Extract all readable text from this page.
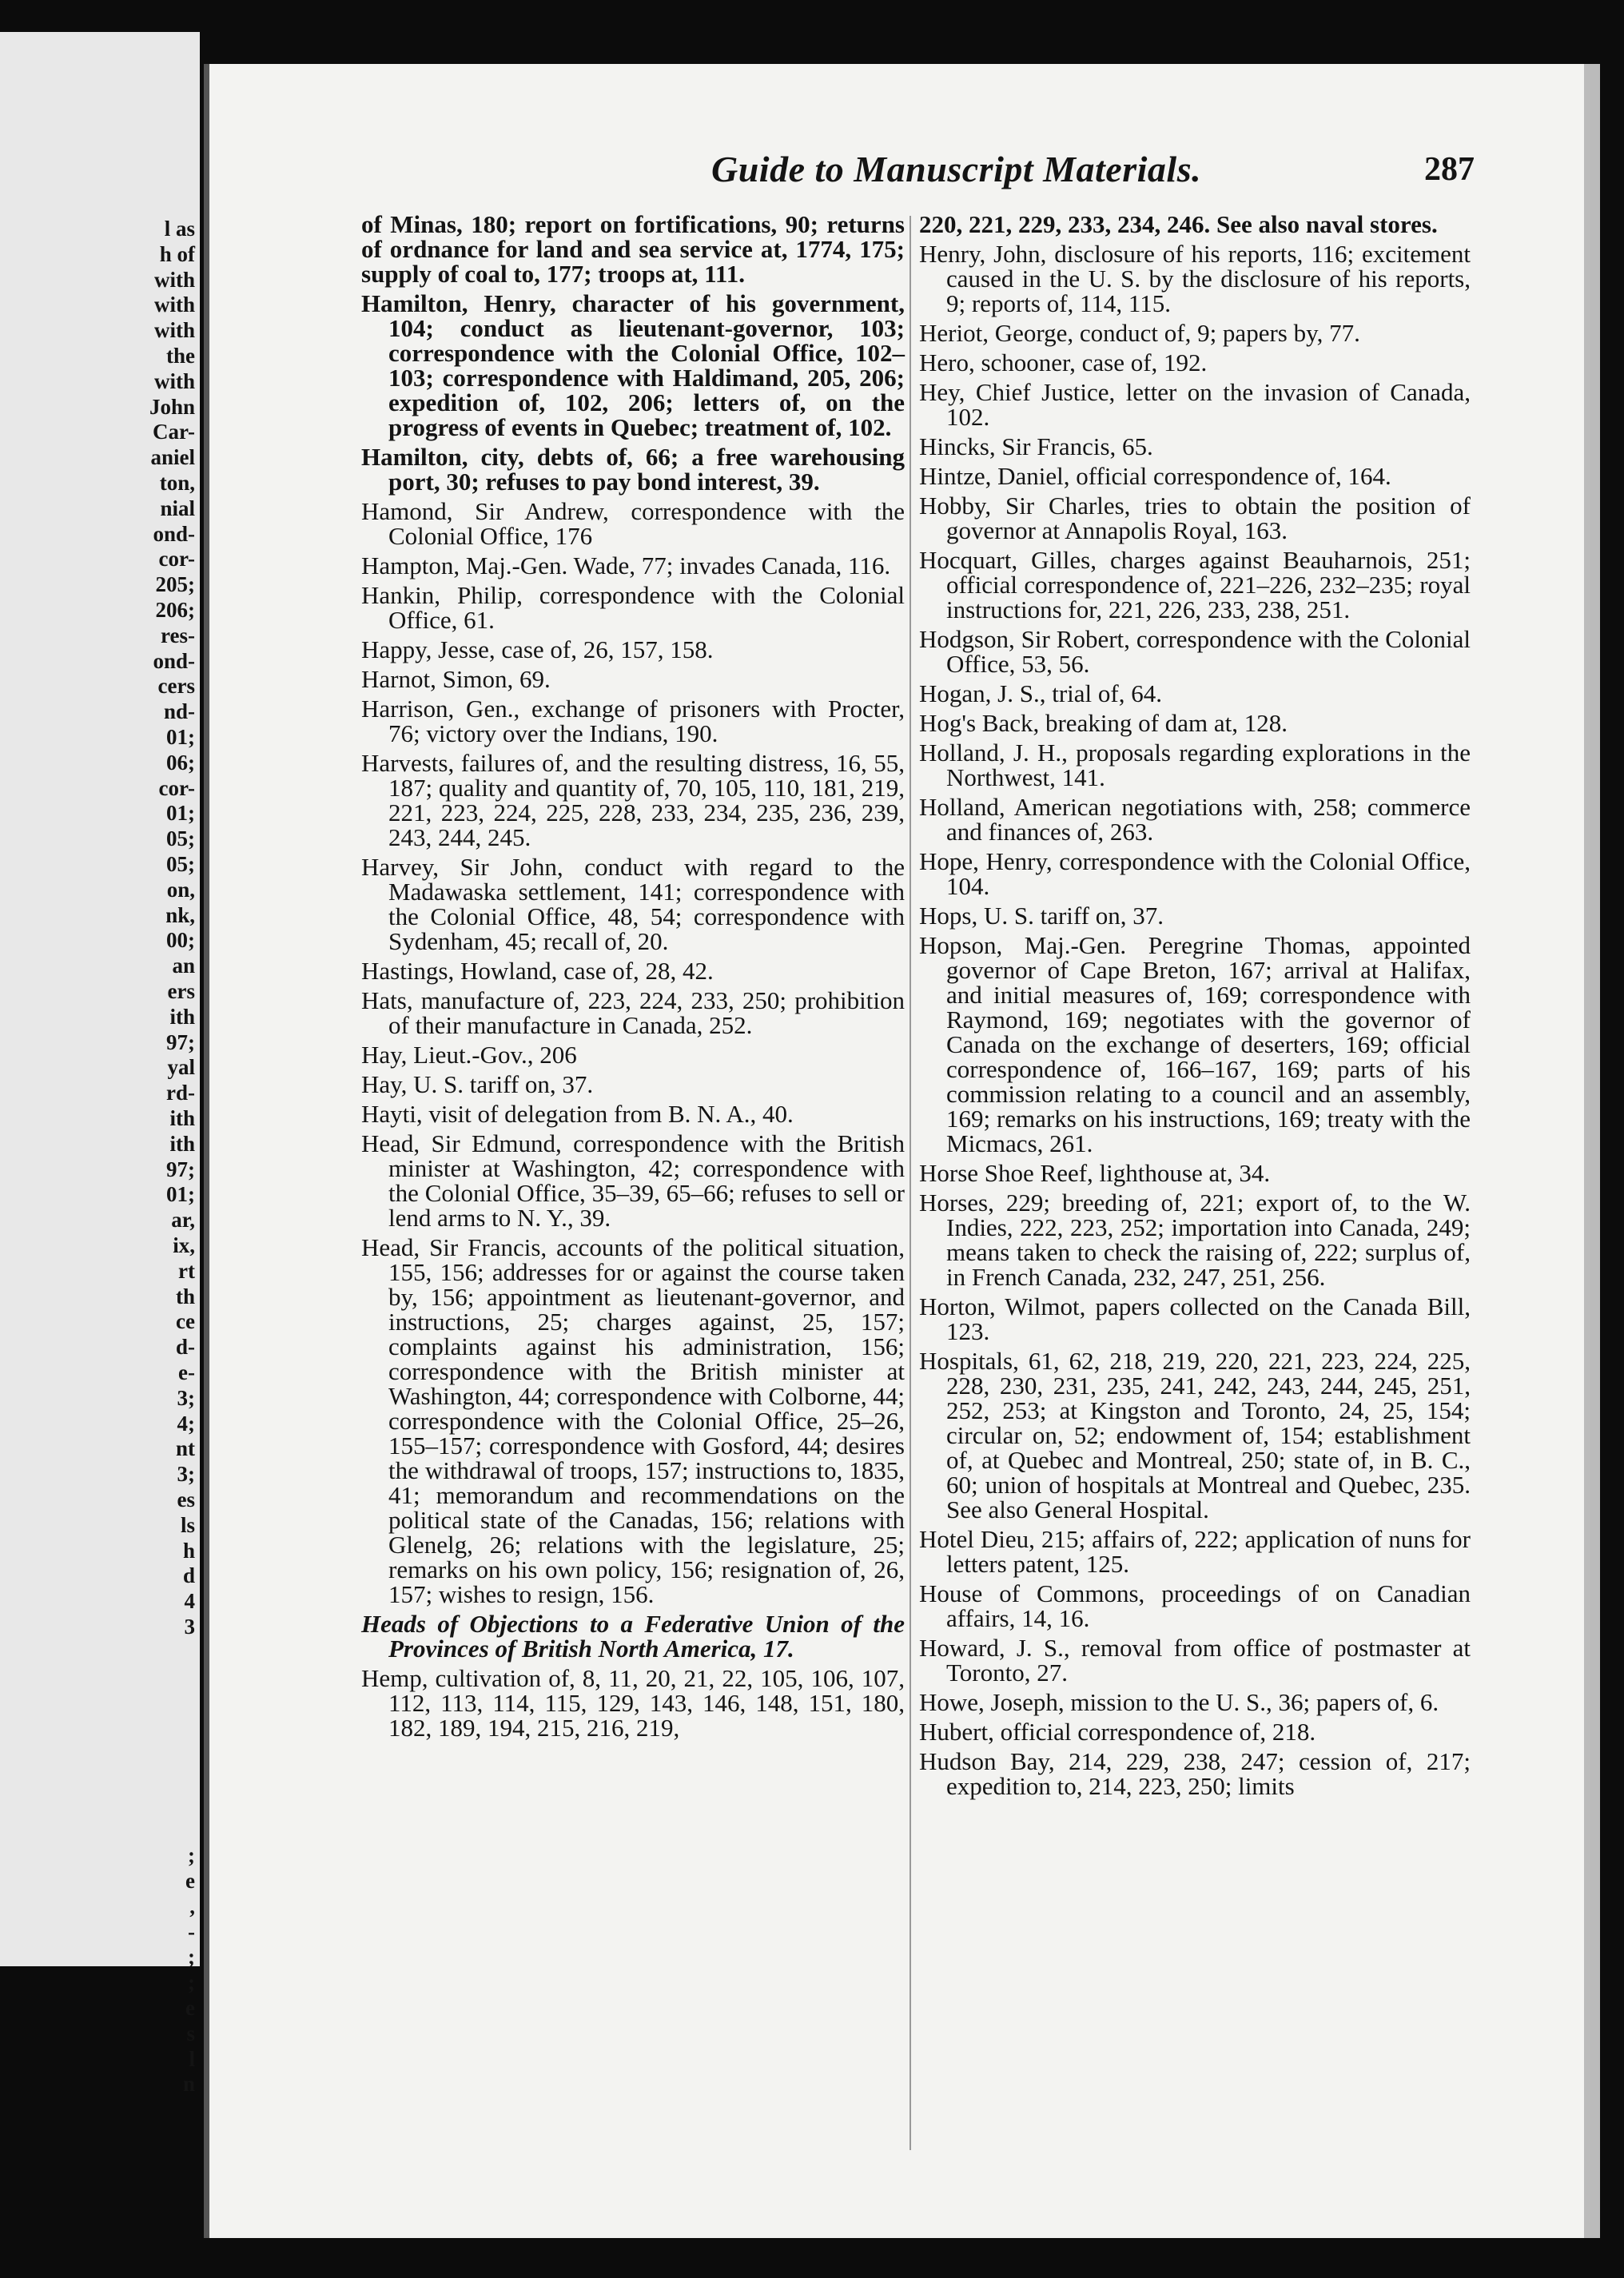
l as
h of
with
with
with
the
with
John
Car-
aniel
ton,
nial
ond-
cor-
205;
206;
res-
ond-
cers
nd-
01;
06;
cor-
01;
05;
05;
on,
nk,
00;
an
ers
ith
97;
yal
rd-
ith
ith
97;
01;
ar,
ix,
rt
th
ce
d-
e-
3;
4;
nt
3;
es
ls
h
d
4
3
;
e
,
-
;
;
e
s
l
n
Guide to Manuscript Materials.	287
of Minas, 180; report on fortifications, 90; returns of ordnance for land and sea service at, 1774, 175; supply of coal to, 177; troops at, 111.
Hamilton, Henry, character of his government, 104; conduct as lieutenant-governor, 103; correspondence with the Colonial Office, 102–103; correspondence with Haldimand, 205, 206; expedition of, 102, 206; letters of, on the progress of events in Quebec; treatment of, 102.
Hamilton, city, debts of, 66; a free warehousing port, 30; refuses to pay bond interest, 39.
Hamond, Sir Andrew, correspondence with the Colonial Office, 176
Hampton, Maj.-Gen. Wade, 77; invades Canada, 116.
Hankin, Philip, correspondence with the Colonial Office, 61.
Happy, Jesse, case of, 26, 157, 158.
Harnot, Simon, 69.
Harrison, Gen., exchange of prisoners with Procter, 76; victory over the Indians, 190.
Harvests, failures of, and the resulting distress, 16, 55, 187; quality and quantity of, 70, 105, 110, 181, 219, 221, 223, 224, 225, 228, 233, 234, 235, 236, 239, 243, 244, 245.
Harvey, Sir John, conduct with regard to the Madawaska settlement, 141; correspondence with the Colonial Office, 48, 54; correspondence with Sydenham, 45; recall of, 20.
Hastings, Howland, case of, 28, 42.
Hats, manufacture of, 223, 224, 233, 250; prohibition of their manufacture in Canada, 252.
Hay, Lieut.-Gov., 206
Hay, U. S. tariff on, 37.
Hayti, visit of delegation from B. N. A., 40.
Head, Sir Edmund, correspondence with the British minister at Washington, 42; correspondence with the Colonial Office, 35–39, 65–66; refuses to sell or lend arms to N. Y., 39.
Head, Sir Francis, accounts of the political situation, 155, 156; addresses for or against the course taken by, 156; appointment as lieutenant-governor, and instructions, 25; charges against, 25, 157; complaints against his administration, 156; correspondence with the British minister at Washington, 44; correspondence with Colborne, 44; correspondence with the Colonial Office, 25–26, 155–157; correspondence with Gosford, 44; desires the withdrawal of troops, 157; instructions to, 1835, 41; memorandum and recommendations on the political state of the Canadas, 156; relations with Glenelg, 26; relations with the legislature, 25; remarks on his own policy, 156; resignation of, 26, 157; wishes to resign, 156.
Heads of Objections to a Federative Union of the Provinces of British North America, 17.
Hemp, cultivation of, 8, 11, 20, 21, 22, 105, 106, 107, 112, 113, 114, 115, 129, 143, 146, 148, 151, 180, 182, 189, 194, 215, 216, 219,
220, 221, 229, 233, 234, 246. See also naval stores.
Henry, John, disclosure of his reports, 116; excitement caused in the U. S. by the disclosure of his reports, 9; reports of, 114, 115.
Heriot, George, conduct of, 9; papers by, 77.
Hero, schooner, case of, 192.
Hey, Chief Justice, letter on the invasion of Canada, 102.
Hincks, Sir Francis, 65.
Hintze, Daniel, official correspondence of, 164.
Hobby, Sir Charles, tries to obtain the position of governor at Annapolis Royal, 163.
Hocquart, Gilles, charges against Beauharnois, 251; official correspondence of, 221–226, 232–235; royal instructions for, 221, 226, 233, 238, 251.
Hodgson, Sir Robert, correspondence with the Colonial Office, 53, 56.
Hogan, J. S., trial of, 64.
Hog's Back, breaking of dam at, 128.
Holland, J. H., proposals regarding explorations in the Northwest, 141.
Holland, American negotiations with, 258; commerce and finances of, 263.
Hope, Henry, correspondence with the Colonial Office, 104.
Hops, U. S. tariff on, 37.
Hopson, Maj.-Gen. Peregrine Thomas, appointed governor of Cape Breton, 167; arrival at Halifax, and initial measures of, 169; correspondence with Raymond, 169; negotiates with the governor of Canada on the exchange of deserters, 169; official correspondence of, 166–167, 169; parts of his commission relating to a council and an assembly, 169; remarks on his instructions, 169; treaty with the Micmacs, 261.
Horse Shoe Reef, lighthouse at, 34.
Horses, 229; breeding of, 221; export of, to the W. Indies, 222, 223, 252; importation into Canada, 249; means taken to check the raising of, 222; surplus of, in French Canada, 232, 247, 251, 256.
Horton, Wilmot, papers collected on the Canada Bill, 123.
Hospitals, 61, 62, 218, 219, 220, 221, 223, 224, 225, 228, 230, 231, 235, 241, 242, 243, 244, 245, 251, 252, 253; at Kingston and Toronto, 24, 25, 154; circular on, 52; endowment of, 154; establishment of, at Quebec and Montreal, 250; state of, in B. C., 60; union of hospitals at Montreal and Quebec, 235. See also General Hospital.
Hotel Dieu, 215; affairs of, 222; application of nuns for letters patent, 125.
House of Commons, proceedings of on Canadian affairs, 14, 16.
Howard, J. S., removal from office of postmaster at Toronto, 27.
Howe, Joseph, mission to the U. S., 36; papers of, 6.
Hubert, official correspondence of, 218.
Hudson Bay, 214, 229, 238, 247; cession of, 217; expedition to, 214, 223, 250; limits
